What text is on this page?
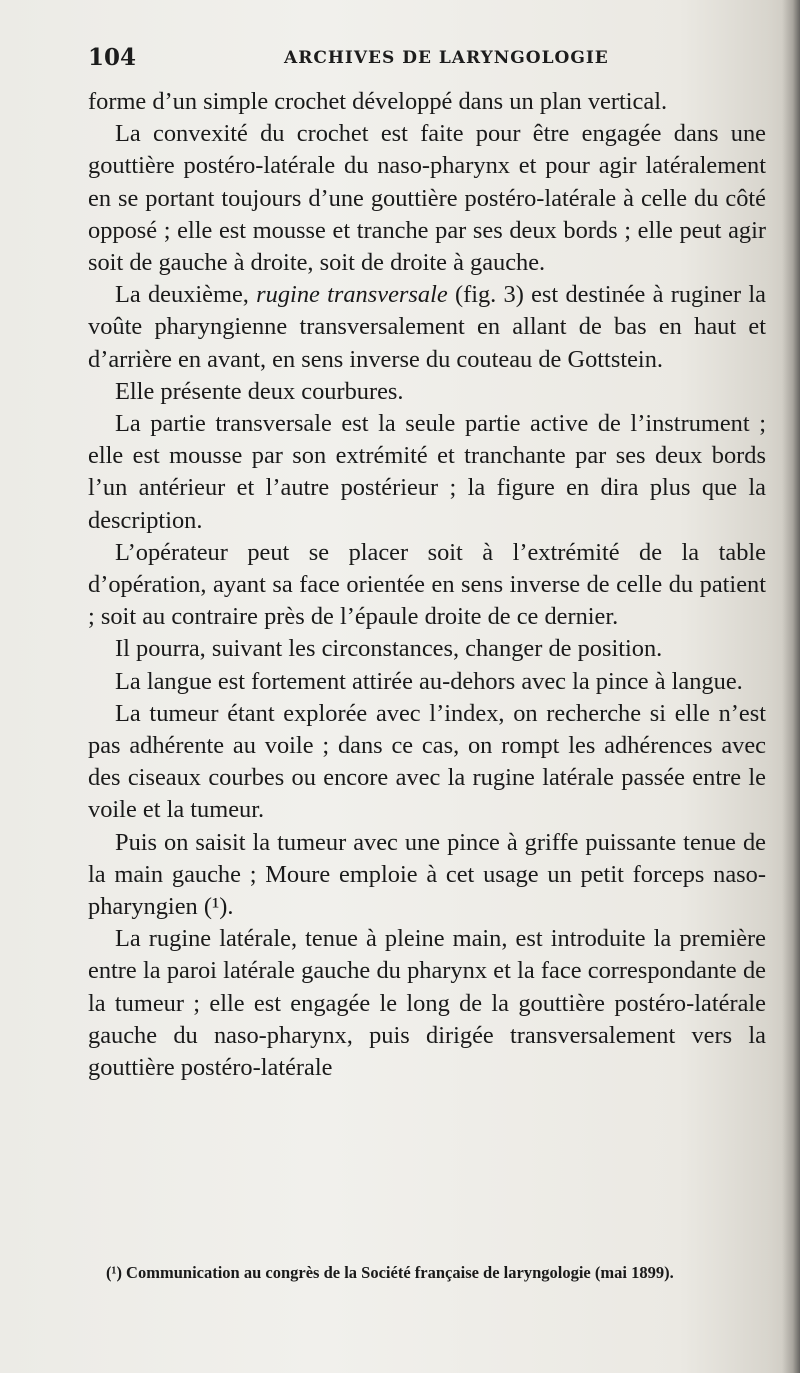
104	ARCHIVES DE LARYNGOLOGIE

forme d’un simple crochet développé dans un plan vertical.

La convexité du crochet est faite pour être engagée dans une gouttière postéro-latérale du naso-pharynx et pour agir latéralement en se portant toujours d’une gouttière postéro-latérale à celle du côté opposé ; elle est mousse et tranche par ses deux bords ; elle peut agir soit de gauche à droite, soit de droite à gauche.

La deuxième, rugine transversale (fig. 3) est destinée à ruginer la voûte pharyngienne transversalement en allant de bas en haut et d’arrière en avant, en sens inverse du couteau de Gottstein.

Elle présente deux courbures.

La partie transversale est la seule partie active de l’instrument ; elle est mousse par son extrémité et tranchante par ses deux bords l’un antérieur et l’autre postérieur ; la figure en dira plus que la description.

L’opérateur peut se placer soit à l’extrémité de la table d’opération, ayant sa face orientée en sens inverse de celle du patient ; soit au contraire près de l’épaule droite de ce dernier.

Il pourra, suivant les circonstances, changer de position.

La langue est fortement attirée au-dehors avec la pince à langue.

La tumeur étant explorée avec l’index, on recherche si elle n’est pas adhérente au voile ; dans ce cas, on rompt les adhérences avec des ciseaux courbes ou encore avec la rugine latérale passée entre le voile et la tumeur.

Puis on saisit la tumeur avec une pince à griffe puissante tenue de la main gauche ; Moure emploie à cet usage un petit forceps naso-pharyngien (¹).

La rugine latérale, tenue à pleine main, est introduite la première entre la paroi latérale gauche du pharynx et la face correspondante de la tumeur ; elle est engagée le long de la gouttière postéro-latérale gauche du naso-pharynx, puis dirigée transversalement vers la gouttière postéro-latérale

(¹) Communication au congrès de la Société française de laryngologie (mai 1899).
